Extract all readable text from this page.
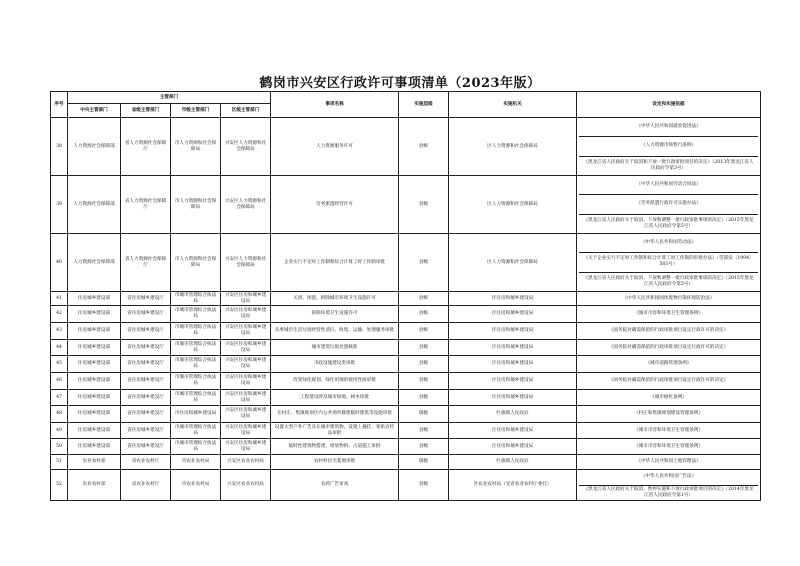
鹤岗市兴安区行政许可事项清单（2023年版）
序号	主管部门				事项名称	实施层级	实施机关	设定和实施依据
	中央主管部门	省级主管部门	市级主管部门	区级主管部门				
38	人力资源社会保障部	省人力资源社会保障厅	市人力资源和社会保障局	兴安区人力资源和社会保障局	人力资源服务许可	县级	区人力资源和社会保障局	《中华人民共和国就业促进法》
《人力资源市场暂行条例》
《黑龙江省人民政府关于取消和下放一批行政审批项目的决定》（2013年黑龙江省人民政府令第3号）

39	人力资源社会保障部	省人力资源社会保障厅	市人力资源和社会保障局	兴安区人力资源和社会保障局	劳务派遣经营许可	县级	区人力资源和社会保障局	《中华人民共和国劳动合同法》
《劳务派遣行政许可实施办法》
《黑龙江省人民政府关于取消、下放和调整一批行政审批事项的决定》（2015年黑龙江省人民政府令第5号）

40	人力资源社会保障部	省人力资源社会保障厅	市人力资源和社会保障局	兴安区人力资源和社会保障局	企业实行不定时工作制和综合计算工时工作制审批	县级	区人力资源和社会保障局	《中华人民共和国劳动法》
《关于企业实行不定时工作制和综合计算工时工作制的审批办法》（劳部发〔1994〕503号）
《黑龙江省人民政府关于取消、下放和调整一批行政审批事项的决定》（2015年黑龙江省人民政府令第5号）

41	住房城乡建设部	省住房城乡建设厅	市城市管理综合执法局	兴安区住房和城乡建设局	关闭、闲置、拆除城市环境卫生设施许可	县级	区住房和城乡建设局	《中华人民共和国固体废物污染环境防治法》

42	住房城乡建设部	省住房城乡建设厅	市城市管理综合执法局	兴安区住房和城乡建设局	拆除环境卫生设施许可	县级	区住房和城乡建设局	《城市市容和环境卫生管理条例》

43	住房城乡建设部	省住房城乡建设厅	市城市管理综合执法局	兴安区住房和城乡建设局	从事城市生活垃圾经营性清扫、收集、运输、处理服务审批	县级	区住房和城乡建设局	《国务院对确需保留的行政审批项目设定行政许可的决定》

44	住房城乡建设部	省住房城乡建设厅	市城市管理综合执法局	兴安区住房和城乡建设局	城市建筑垃圾处置核准	县级	区住房和城乡建设局	《国务院对确需保留的行政审批项目设定行政许可的决定》

45	住房城乡建设部	省住房城乡建设厅	市城市管理综合执法局	兴安区住房和城乡建设局	市政设施建设类审批	县级	区住房和城乡建设局	《城市道路管理条例》

46	住房城乡建设部	省住房城乡建设厅	市城市管理综合执法局	兴安区住房和城乡建设局	改变绿化规划、绿化用地的使用性质审批	县级	区住房和城乡建设局	《国务院对确需保留的行政审批项目设定行政许可的决定》

47	住房城乡建设部	省住房城乡建设厅	市城市管理综合执法局	兴安区住房和城乡建设局	工程建设涉及城市绿地、树木审批	县级	区住房和城乡建设局	《城市绿化条例》

48	住房城乡建设部	省住房城乡建设厅	市住房和城乡建设局	兴安区住房和城乡建设局	在村庄、集镇规划区内公共场所修建临时建筑等设施审批	镇级	红旗镇人民政府	《村庄和集镇规划建设管理条例》

49	住房城乡建设部	省住房城乡建设厅	市城市管理综合执法局	兴安区住房和城乡建设局	设置大型户外广告及在城市建筑物、设施上悬挂、张贴宣传品审批	县级	区住房和城乡建设局	《城市市容和环境卫生管理条例》

50	住房城乡建设部	省住房城乡建设厅	市城市管理综合执法局	兴安区住房和城乡建设局	临时性建筑物搭建、堆放物料、占道施工审批	县级	区住房和城乡建设局	《城市市容和环境卫生管理条例》

51	农业农村部	省农业农村厅	市农业农村局	兴安区农业农村局	农村村民宅基地审批	镇级	红旗镇人民政府	《中华人民共和国土地管理法》

52	农业农村部	省农业农村厅	市农业农村局	兴安区农业农村局	农药广告审查	县级	区农业农村局（受省农业农村厅委托）	《中华人民共和国广告法》
《黑龙江省人民政府关于取消、暂停实施和下放行政审批项目的决定》（2014年黑龙江省人民政府令第1号）
